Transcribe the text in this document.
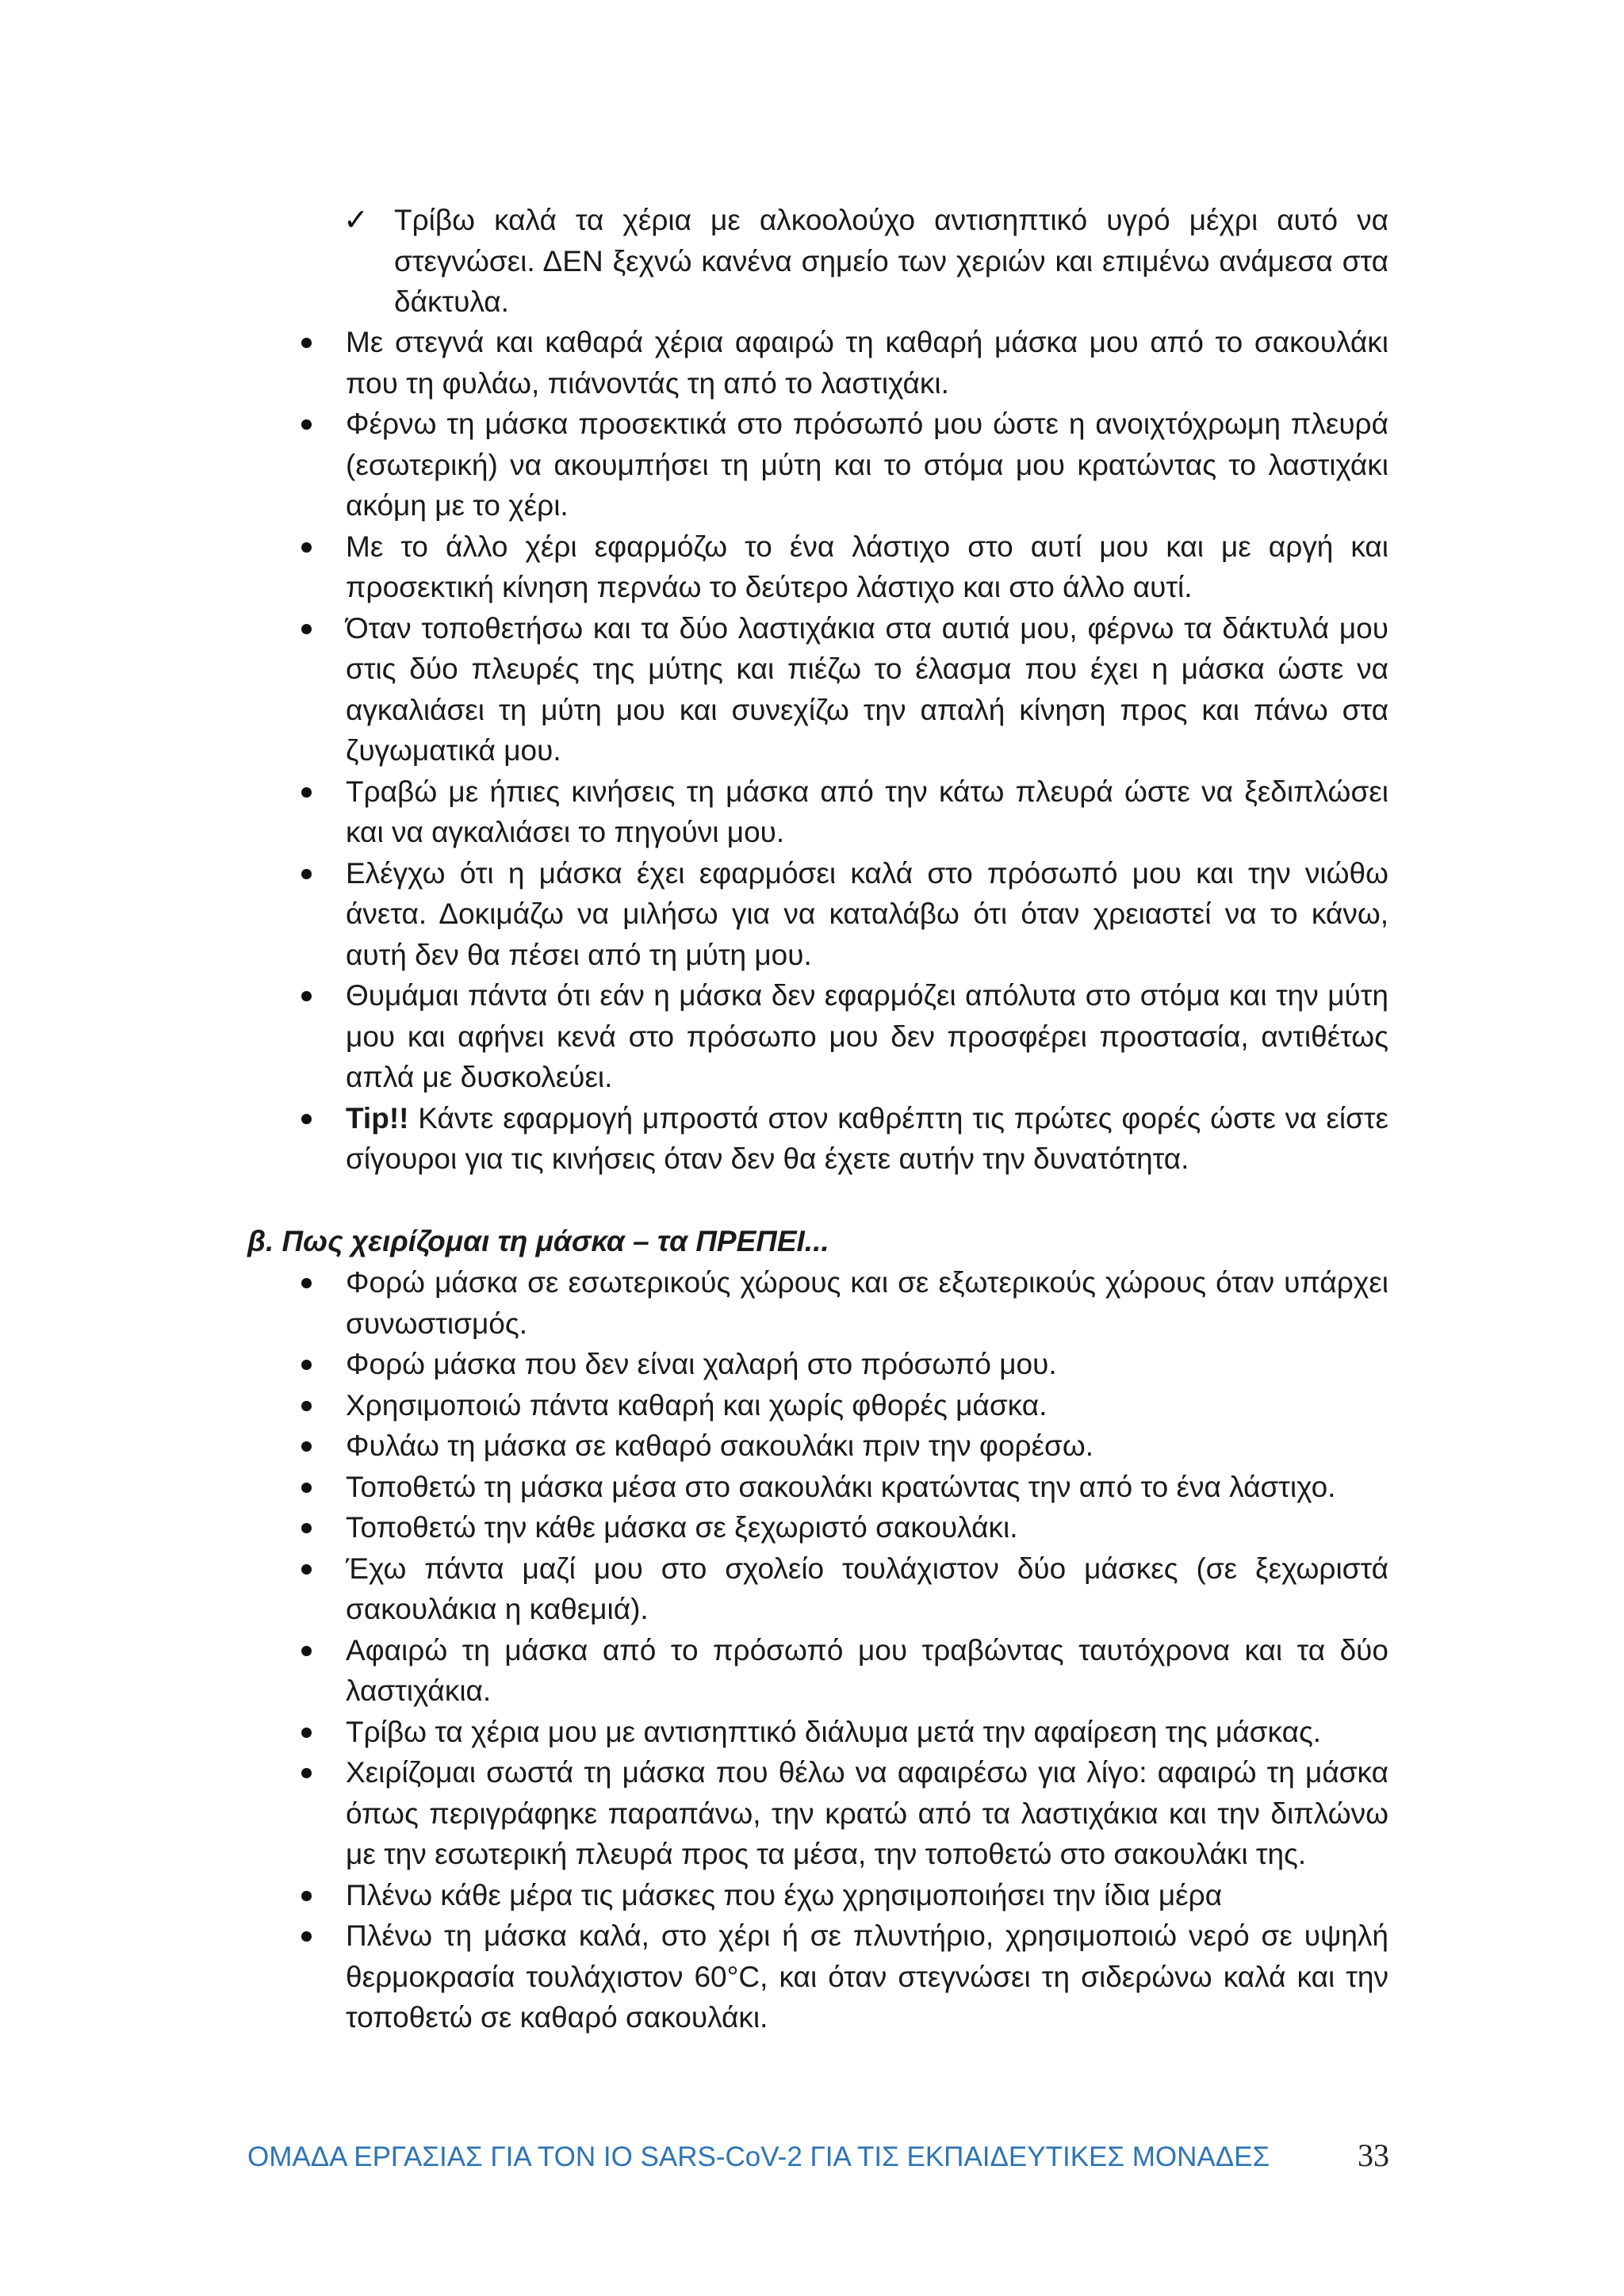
✓ Τρίβω καλά τα χέρια με αλκοολούχο αντισηπτικό υγρό μέχρι αυτό να στεγνώσει. ΔΕΝ ξεχνώ κανένα σημείο των χεριών και επιμένω ανάμεσα στα δάκτυλα.
Με στεγνά και καθαρά χέρια αφαιρώ τη καθαρή μάσκα μου από το σακουλάκι που τη φυλάω, πιάνοντάς τη από το λαστιχάκι.
Φέρνω τη μάσκα προσεκτικά στο πρόσωπό μου ώστε η ανοιχτόχρωμη πλευρά (εσωτερική) να ακουμπήσει τη μύτη και το στόμα μου κρατώντας το λαστιχάκι ακόμη με το χέρι.
Με το άλλο χέρι εφαρμόζω το ένα λάστιχο στο αυτί μου και με αργή και προσεκτική κίνηση περνάω το δεύτερο λάστιχο και στο άλλο αυτί.
Όταν τοποθετήσω και τα δύο λαστιχάκια στα αυτιά μου, φέρνω τα δάκτυλά μου στις δύο πλευρές της μύτης και πιέζω το έλασμα που έχει η μάσκα ώστε να αγκαλιάσει τη μύτη μου και συνεχίζω την απαλή κίνηση προς και πάνω στα ζυγωματικά μου.
Τραβώ με ήπιες κινήσεις τη μάσκα από την κάτω πλευρά ώστε να ξεδιπλώσει και να αγκαλιάσει το πηγούνι μου.
Ελέγχω ότι η μάσκα έχει εφαρμόσει καλά στο πρόσωπό μου και την νιώθω άνετα. Δοκιμάζω να μιλήσω για να καταλάβω ότι όταν χρειαστεί να το κάνω, αυτή δεν θα πέσει από τη μύτη μου.
Θυμάμαι πάντα ότι εάν η μάσκα δεν εφαρμόζει απόλυτα στο στόμα και την μύτη μου και αφήνει κενά στο πρόσωπο μου δεν προσφέρει προστασία, αντιθέτως απλά με δυσκολεύει.
Tip!! Κάντε εφαρμογή μπροστά στον καθρέπτη τις πρώτες φορές ώστε να είστε σίγουροι για τις κινήσεις όταν δεν θα έχετε αυτήν την δυνατότητα.
β. Πως χειρίζομαι τη μάσκα – τα ΠΡΕΠΕΙ...
Φορώ μάσκα σε εσωτερικούς χώρους και σε εξωτερικούς χώρους όταν υπάρχει συνωστισμός.
Φορώ μάσκα που δεν είναι χαλαρή στο πρόσωπό μου.
Χρησιμοποιώ πάντα καθαρή και χωρίς φθορές μάσκα.
Φυλάω τη μάσκα σε καθαρό σακουλάκι πριν την φορέσω.
Τοποθετώ τη μάσκα μέσα στο σακουλάκι κρατώντας την από το ένα λάστιχο.
Τοποθετώ την κάθε μάσκα σε ξεχωριστό σακουλάκι.
Έχω πάντα μαζί μου στο σχολείο τουλάχιστον δύο μάσκες (σε ξεχωριστά σακουλάκια η καθεμιά).
Αφαιρώ τη μάσκα από το πρόσωπό μου τραβώντας ταυτόχρονα και τα δύο λαστιχάκια.
Τρίβω τα χέρια μου με αντισηπτικό διάλυμα μετά την αφαίρεση της μάσκας.
Χειρίζομαι σωστά τη μάσκα που θέλω να αφαιρέσω για λίγο: αφαιρώ τη μάσκα όπως περιγράφηκε παραπάνω, την κρατώ από τα λαστιχάκια και την διπλώνω με την εσωτερική πλευρά προς τα μέσα, την τοποθετώ στο σακουλάκι της.
Πλένω κάθε μέρα τις μάσκες που έχω χρησιμοποιήσει την ίδια μέρα
Πλένω τη μάσκα καλά, στο χέρι ή σε πλυντήριο, χρησιμοποιώ νερό σε υψηλή θερμοκρασία τουλάχιστον 60°C, και όταν στεγνώσει τη σιδερώνω καλά και την τοποθετώ σε καθαρό σακουλάκι.
ΟΜΑΔΑ ΕΡΓΑΣΙΑΣ ΓΙΑ ΤΟΝ ΙΟ SARS-CoV-2 ΓΙΑ ΤΙΣ ΕΚΠΑΙΔΕΥΤΙΚΕΣ ΜΟΝΑΔΕΣ	33
